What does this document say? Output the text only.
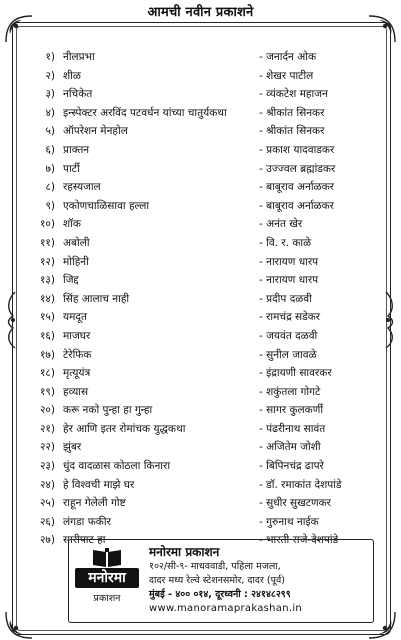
आमची नवीन प्रकाशने
१) नीलप्रभा	- जनार्दन ओक
२) शीळ	- शेखर पाटील
३) नचिकेत	- व्यंकटेश महाजन
४) इन्स्पेक्टर अरविंद पटवर्धन यांच्या चातुर्यकथा	- श्रीकांत सिनकर
५) ऑपरेशन मेनहोल	- श्रीकांत सिनकर
६) प्राक्तन	- प्रकाश यादवाडकर
७) पार्टी	- उज्ज्वल ब्रह्मांडकर
८) रहस्यजाल	- बाबूराव अर्नाळकर
९) एकोणचाळिसावा हल्ला	- बाबूराव अर्नाळकर
१०) शॉक	- अनंत खेर
११) अबोली	- वि. र. काळे
१२) मोहिनी	- नारायण धारप
१३) जिद्द	- नारायण धारप
१४) सिंह आलाच नाही	- प्रदीप दळवी
१५) यमदूत	- रामचंद्र सडेकर
१६) माजघर	- जयवंत दळवी
१७) टेरेफिक	- सुनील जावळे
१८) मृत्यूयंत्र	- इंद्रायणी सावरकर
१९) हव्यास	- शकुंतला गोगटे
२०) करू नको पुन्हा हा गुन्हा	- सागर कुलकर्णी
२१) हेर आणि इतर रोमांचक युद्धकथा	- पंढरीनाथ सावंत
२२) झुंबर	- अजितेम जोशी
२३) धुंद वादळास कोठला किनारा	- बिपिनचंद्र ढापरे
२४) हे विश्वची माझे घर	- डॉ. रमाकांत देशपांडे
२५) राहून गेलेली गोष्ट	- सुधीर सुखटणकर
२६) लंगडा फकीर	- गुरुनाथ नाईक
२७) सारीपाट हा	- भारती राजे-देशपांडे
मनोरमा
प्रकाशन
मनोरमा प्रकाशन
१०२/सी-९- माधववाडी, पहिला मजला,
दादर मध्य रेल्वे स्टेशनसमोर, दादर (पूर्व)
मुंबई - ४०० ०१४, दूरध्वनी : २४१४८२९९
www.manoramaprakashan.in
